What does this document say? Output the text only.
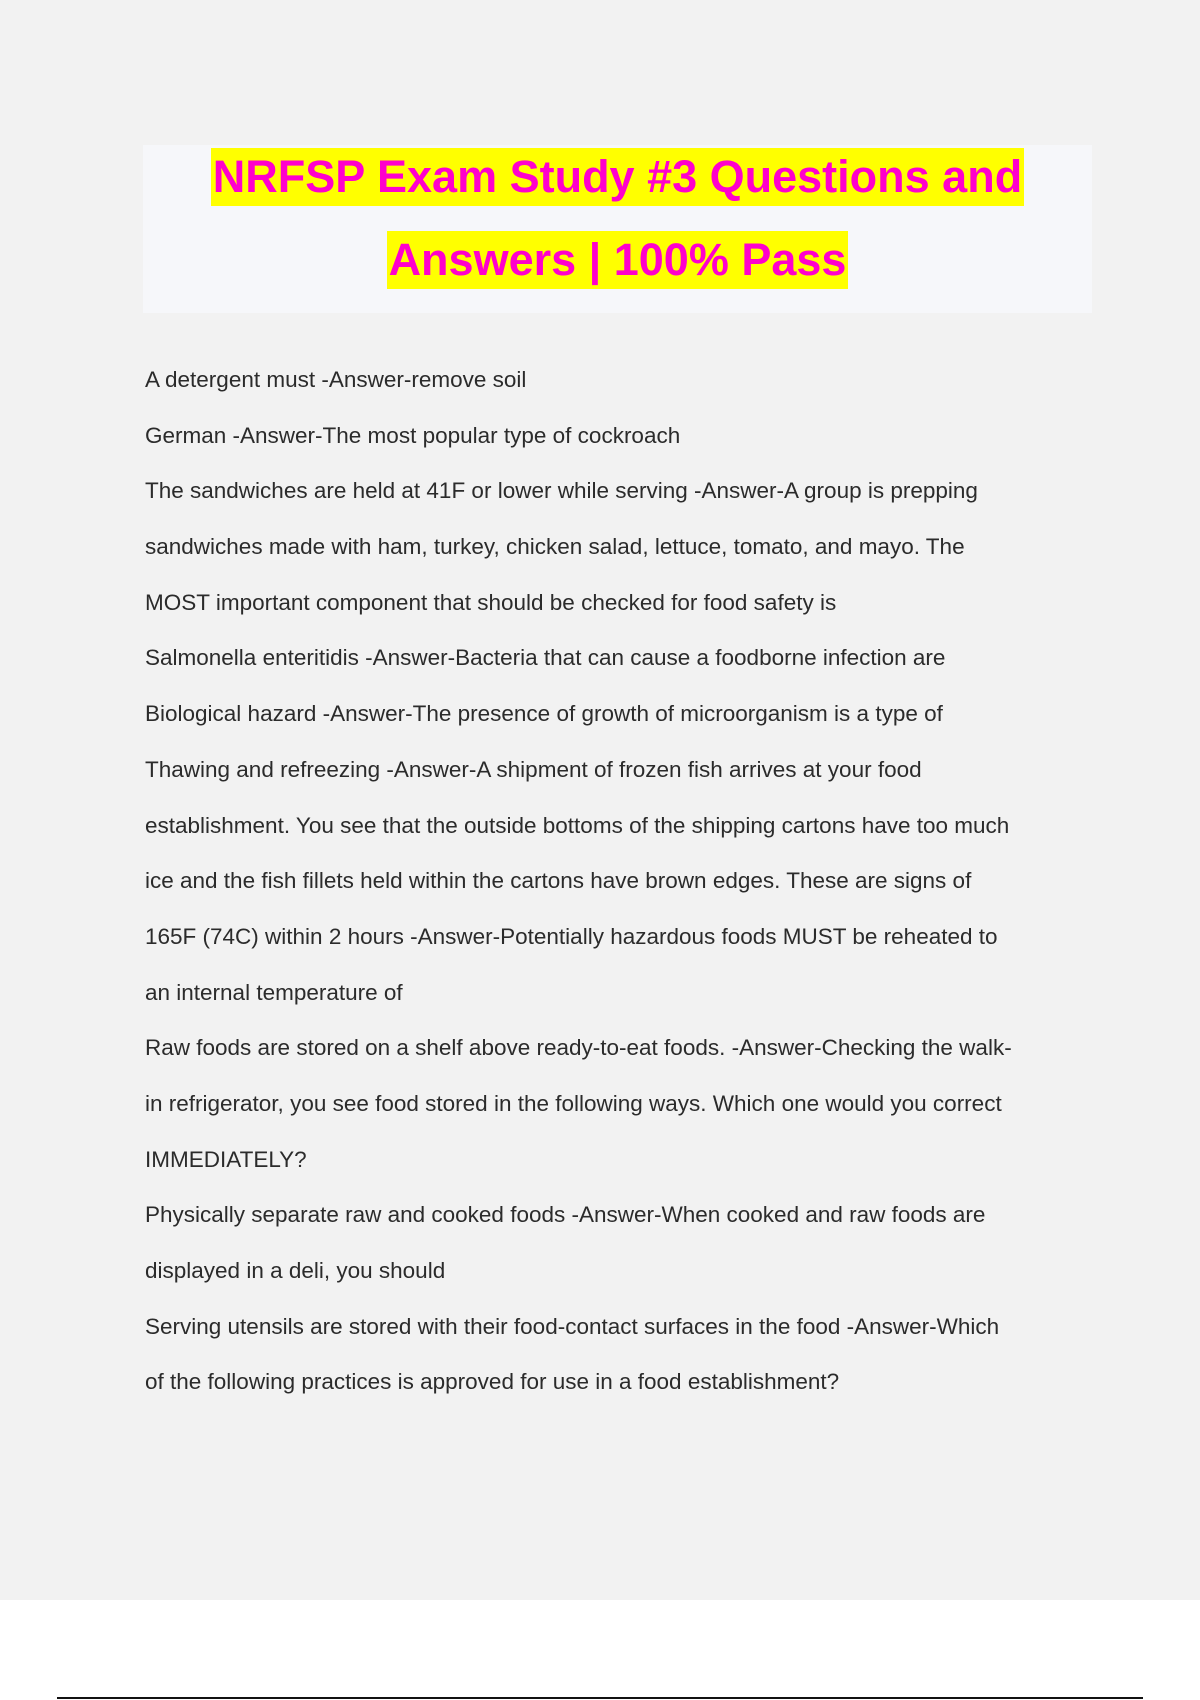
NRFSP Exam Study #3 Questions and
Answers | 100% Pass
A detergent must -Answer-remove soil
German -Answer-The most popular type of cockroach
The sandwiches are held at 41F or lower while serving -Answer-A group is prepping
sandwiches made with ham, turkey, chicken salad, lettuce, tomato, and mayo. The
MOST important component that should be checked for food safety is
Salmonella enteritidis -Answer-Bacteria that can cause a foodborne infection are
Biological hazard -Answer-The presence of growth of microorganism is a type of
Thawing and refreezing -Answer-A shipment of frozen fish arrives at your food
establishment. You see that the outside bottoms of the shipping cartons have too much
ice and the fish fillets held within the cartons have brown edges. These are signs of
165F (74C) within 2 hours -Answer-Potentially hazardous foods MUST be reheated to
an internal temperature of
Raw foods are stored on a shelf above ready-to-eat foods. -Answer-Checking the walk-
in refrigerator, you see food stored in the following ways. Which one would you correct
IMMEDIATELY?
Physically separate raw and cooked foods -Answer-When cooked and raw foods are
displayed in a deli, you should
Serving utensils are stored with their food-contact surfaces in the food -Answer-Which
of the following practices is approved for use in a food establishment?
